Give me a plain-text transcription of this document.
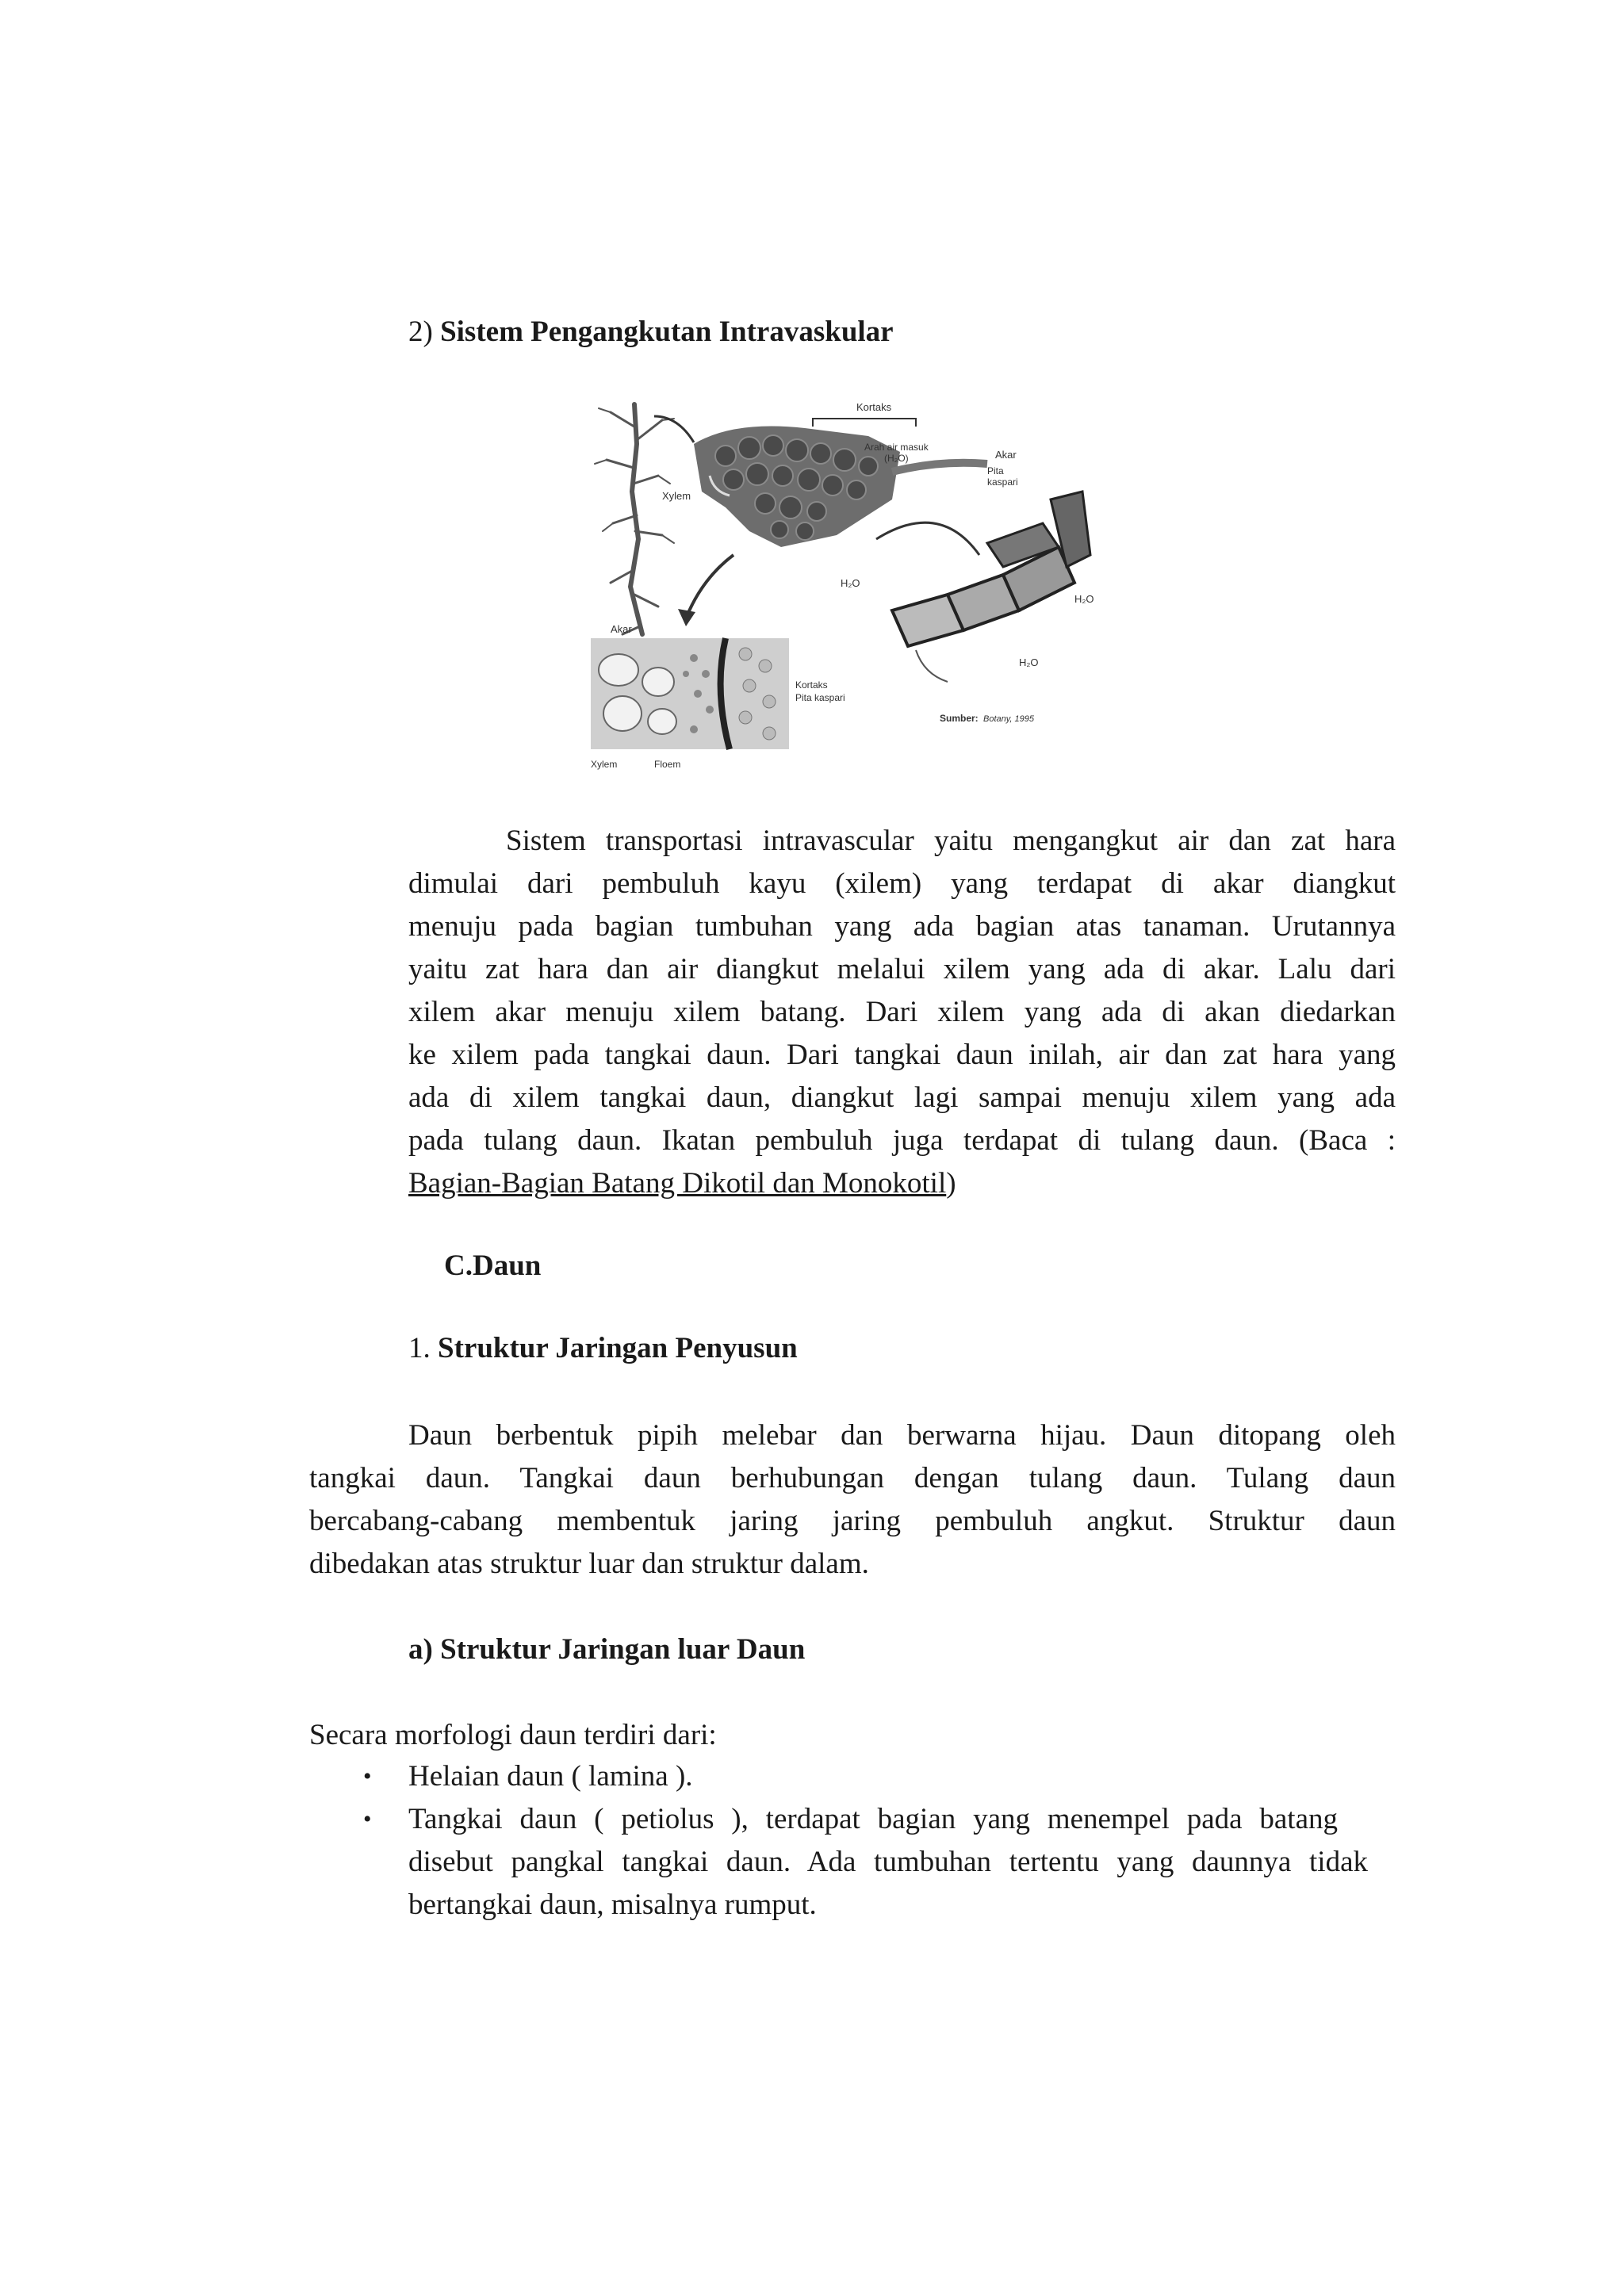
2) Sistem Pengangkutan Intravaskular
Kortaks
Arah air masuk
(H₂O)	Akar
Pita
kaspari
Xylem
H₂O
H₂O
H₂O
Akar
Kortaks
Pita kaspari
Xylem	Floem
Sumber: Botany, 1995
Sistem transportasi intravascular yaitu mengangkut air dan zat hara
dimulai dari pembuluh kayu (xilem) yang terdapat di akar diangkut
menuju pada bagian tumbuhan yang ada bagian atas tanaman. Urutannya
yaitu zat hara dan air diangkut melalui xilem yang ada di akar. Lalu dari
xilem akar menuju xilem batang. Dari xilem yang ada di akan diedarkan
ke xilem pada tangkai daun. Dari tangkai daun inilah, air dan zat hara yang
ada di xilem tangkai daun, diangkut lagi sampai menuju xilem yang ada
pada tulang daun. Ikatan pembuluh juga terdapat di tulang daun. (Baca :
Bagian-Bagian Batang Dikotil dan Monokotil)
C.Daun
1. Struktur Jaringan Penyusun
Daun berbentuk pipih melebar dan berwarna hijau. Daun ditopang oleh
tangkai daun. Tangkai daun berhubungan dengan tulang daun. Tulang daun
bercabang-cabang membentuk jaring jaring pembuluh angkut. Struktur daun
dibedakan atas struktur luar dan struktur dalam.
a) Struktur Jaringan luar Daun
Secara morfologi daun terdiri dari:
• Helaian daun ( lamina ).
• Tangkai daun ( petiolus ), terdapat bagian yang menempel pada batang
disebut pangkal tangkai daun. Ada tumbuhan tertentu yang daunnya tidak
bertangkai daun, misalnya rumput.
